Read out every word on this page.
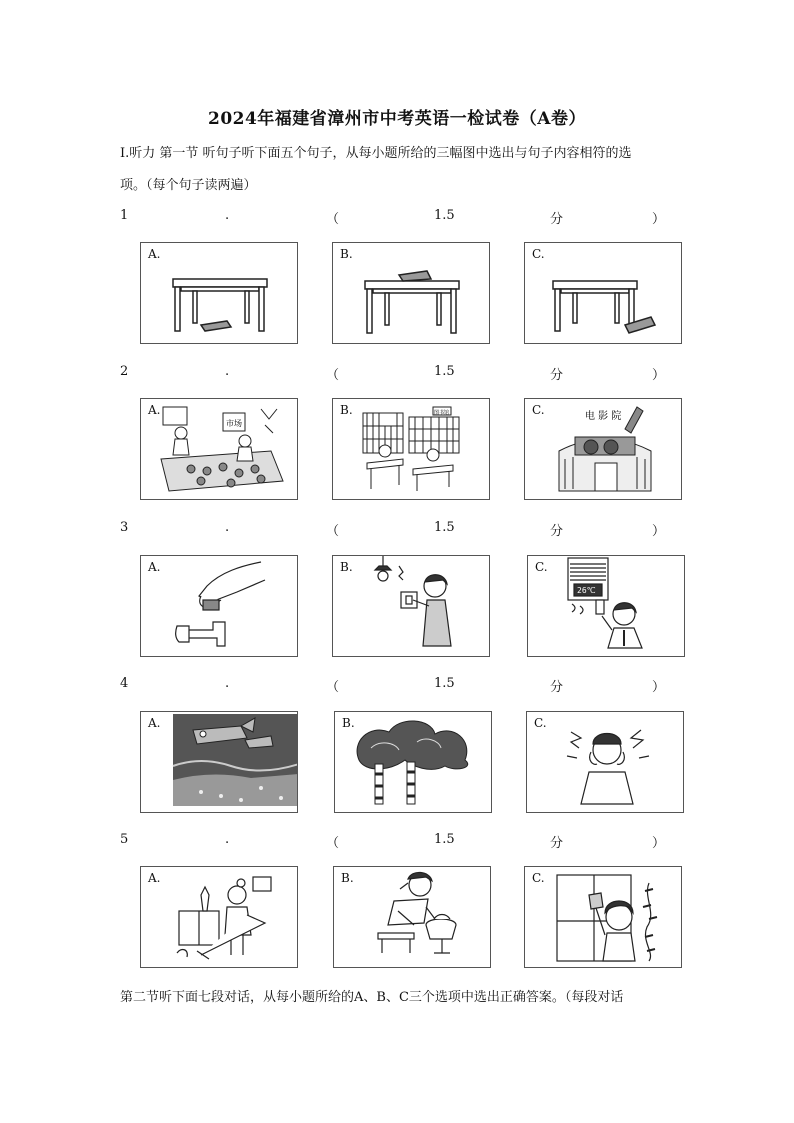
2024年福建省漳州市中考英语一检试卷（A卷）
I.听力 第一节 听句子听下面五个句子，从每小题所给的三幅图中选出与句子内容相符的选
项。（每个句子读两遍）
1	.	（	1.5	分	）
2	.	（	1.5	分	）
3	.	（	1.5	分	）
4	.	（	1.5	分	）
5	.	（	1.5	分	）
A.	B.	C.
A.
市场
B.	图书馆	C.	电 影 院
A.	B.	C.
26℃
A.	B.	C.
A.	B.	C.
第二节听下面七段对话，从每小题所给的A、B、C三个选项中选出正确答案。（每段对话
